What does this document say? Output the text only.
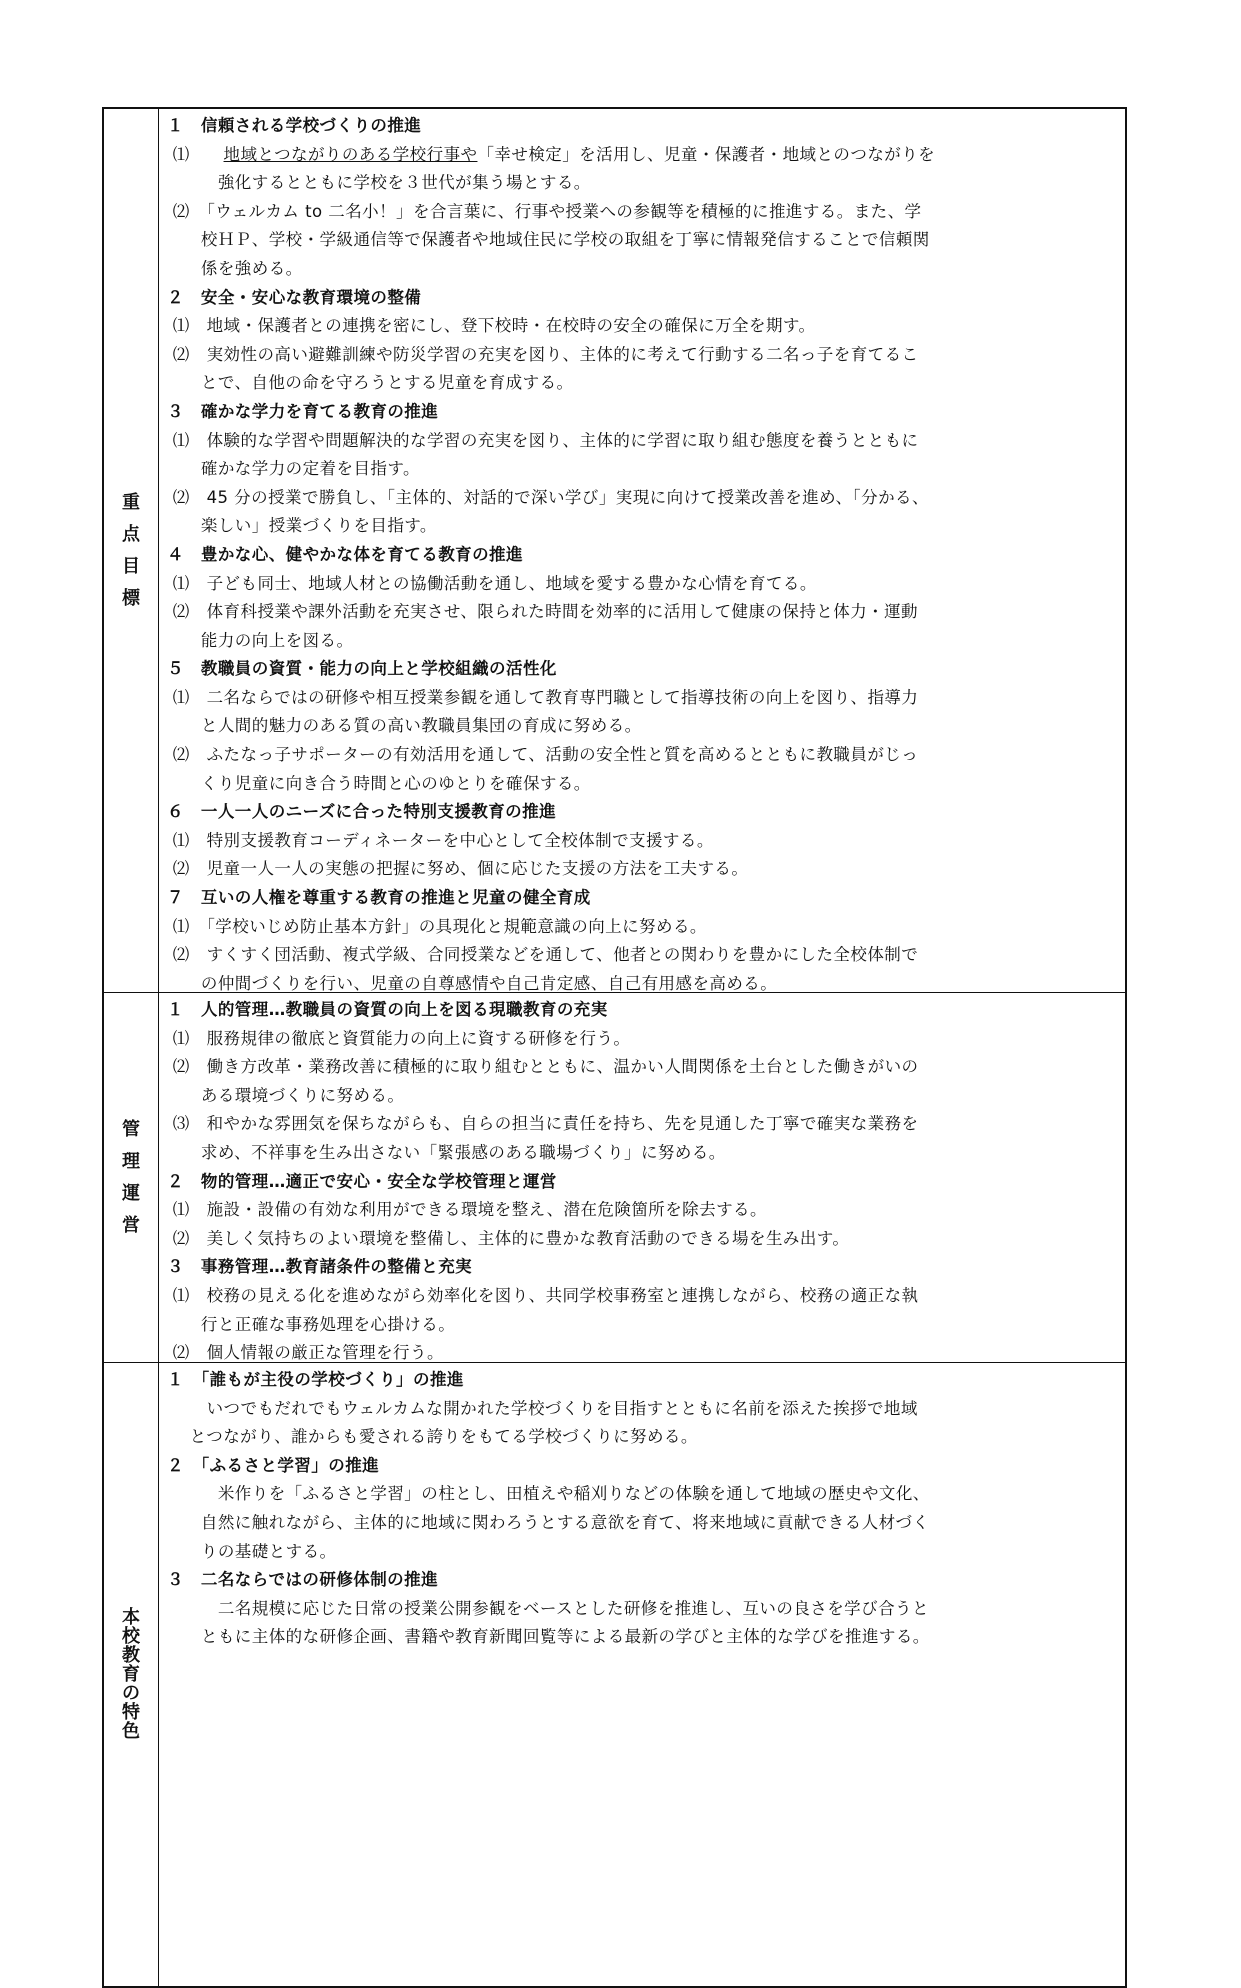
重
点
目
標
１　信頼される学校づくりの推進
⑴　　地域とつながりのある学校行事や「幸せ検定」を活用し、児童・保護者・地域とのつながりを
　　　強化するとともに学校を３世代が集う場とする。
⑵　「ウェルカム to 二名小！」を合言葉に、行事や授業への参観等を積極的に推進する。また、学
　　校ＨＰ、学校・学級通信等で保護者や地域住民に学校の取組を丁寧に情報発信することで信頼関
　　係を強める。
２　安全・安心な教育環境の整備
⑴　地域・保護者との連携を密にし、登下校時・在校時の安全の確保に万全を期す。
⑵　実効性の高い避難訓練や防災学習の充実を図り、主体的に考えて行動する二名っ子を育てるこ
　　とで、自他の命を守ろうとする児童を育成する。
３　確かな学力を育てる教育の推進
⑴　体験的な学習や問題解決的な学習の充実を図り、主体的に学習に取り組む態度を養うとともに
　　確かな学力の定着を目指す。
⑵　45 分の授業で勝負し、「主体的、対話的で深い学び」実現に向けて授業改善を進め、「分かる、
　　楽しい」授業づくりを目指す。
４　豊かな心、健やかな体を育てる教育の推進
⑴　子ども同士、地域人材との協働活動を通し、地域を愛する豊かな心情を育てる。
⑵　体育科授業や課外活動を充実させ、限られた時間を効率的に活用して健康の保持と体力・運動
　　能力の向上を図る。
５　教職員の資質・能力の向上と学校組織の活性化
⑴　二名ならではの研修や相互授業参観を通して教育専門職として指導技術の向上を図り、指導力
　　と人間的魅力のある質の高い教職員集団の育成に努める。
⑵　ふたなっ子サポーターの有効活用を通して、活動の安全性と質を高めるとともに教職員がじっ
　　くり児童に向き合う時間と心のゆとりを確保する。
６　一人一人のニーズに合った特別支援教育の推進
⑴　特別支援教育コーディネーターを中心として全校体制で支援する。
⑵　児童一人一人の実態の把握に努め、個に応じた支援の方法を工夫する。
７　互いの人権を尊重する教育の推進と児童の健全育成
⑴　「学校いじめ防止基本方針」の具現化と規範意識の向上に努める。
⑵　すくすく団活動、複式学級、合同授業などを通して、他者との関わりを豊かにした全校体制で
　　の仲間づくりを行い、児童の自尊感情や自己肯定感、自己有用感を高める。
管
理
運
営
１　人的管理…教職員の資質の向上を図る現職教育の充実
⑴　服務規律の徹底と資質能力の向上に資する研修を行う。
⑵　働き方改革・業務改善に積極的に取り組むとともに、温かい人間関係を土台とした働きがいの
　　ある環境づくりに努める。
⑶　和やかな雰囲気を保ちながらも、自らの担当に責任を持ち、先を見通した丁寧で確実な業務を
　　求め、不祥事を生み出さない「緊張感のある職場づくり」に努める。
２　物的管理…適正で安心・安全な学校管理と運営
⑴　施設・設備の有効な利用ができる環境を整え、潜在危険箇所を除去する。
⑵　美しく気持ちのよい環境を整備し、主体的に豊かな教育活動のできる場を生み出す。
３　事務管理…教育諸条件の整備と充実
⑴　校務の見える化を進めながら効率化を図り、共同学校事務室と連携しながら、校務の適正な執
　　行と正確な事務処理を心掛ける。
⑵　個人情報の厳正な管理を行う。
本
校
教
育
の
特
色
１　「誰もが主役の学校づくり」の推進
　　 いつでもだれでもウェルカムな開かれた学校づくりを目指すとともに名前を添えた挨拶で地域
　 とつながり、誰からも愛される誇りをもてる学校づくりに努める。
２　「ふるさと学習」の推進
　　　米作りを「ふるさと学習」の柱とし、田植えや稲刈りなどの体験を通して地域の歴史や文化、
　　自然に触れながら、主体的に地域に関わろうとする意欲を育て、将来地域に貢献できる人材づく
　　りの基礎とする。
３　二名ならではの研修体制の推進
　　　二名規模に応じた日常の授業公開参観をベースとした研修を推進し、互いの良さを学び合うと
　　ともに主体的な研修企画、書籍や教育新聞回覧等による最新の学びと主体的な学びを推進する。
